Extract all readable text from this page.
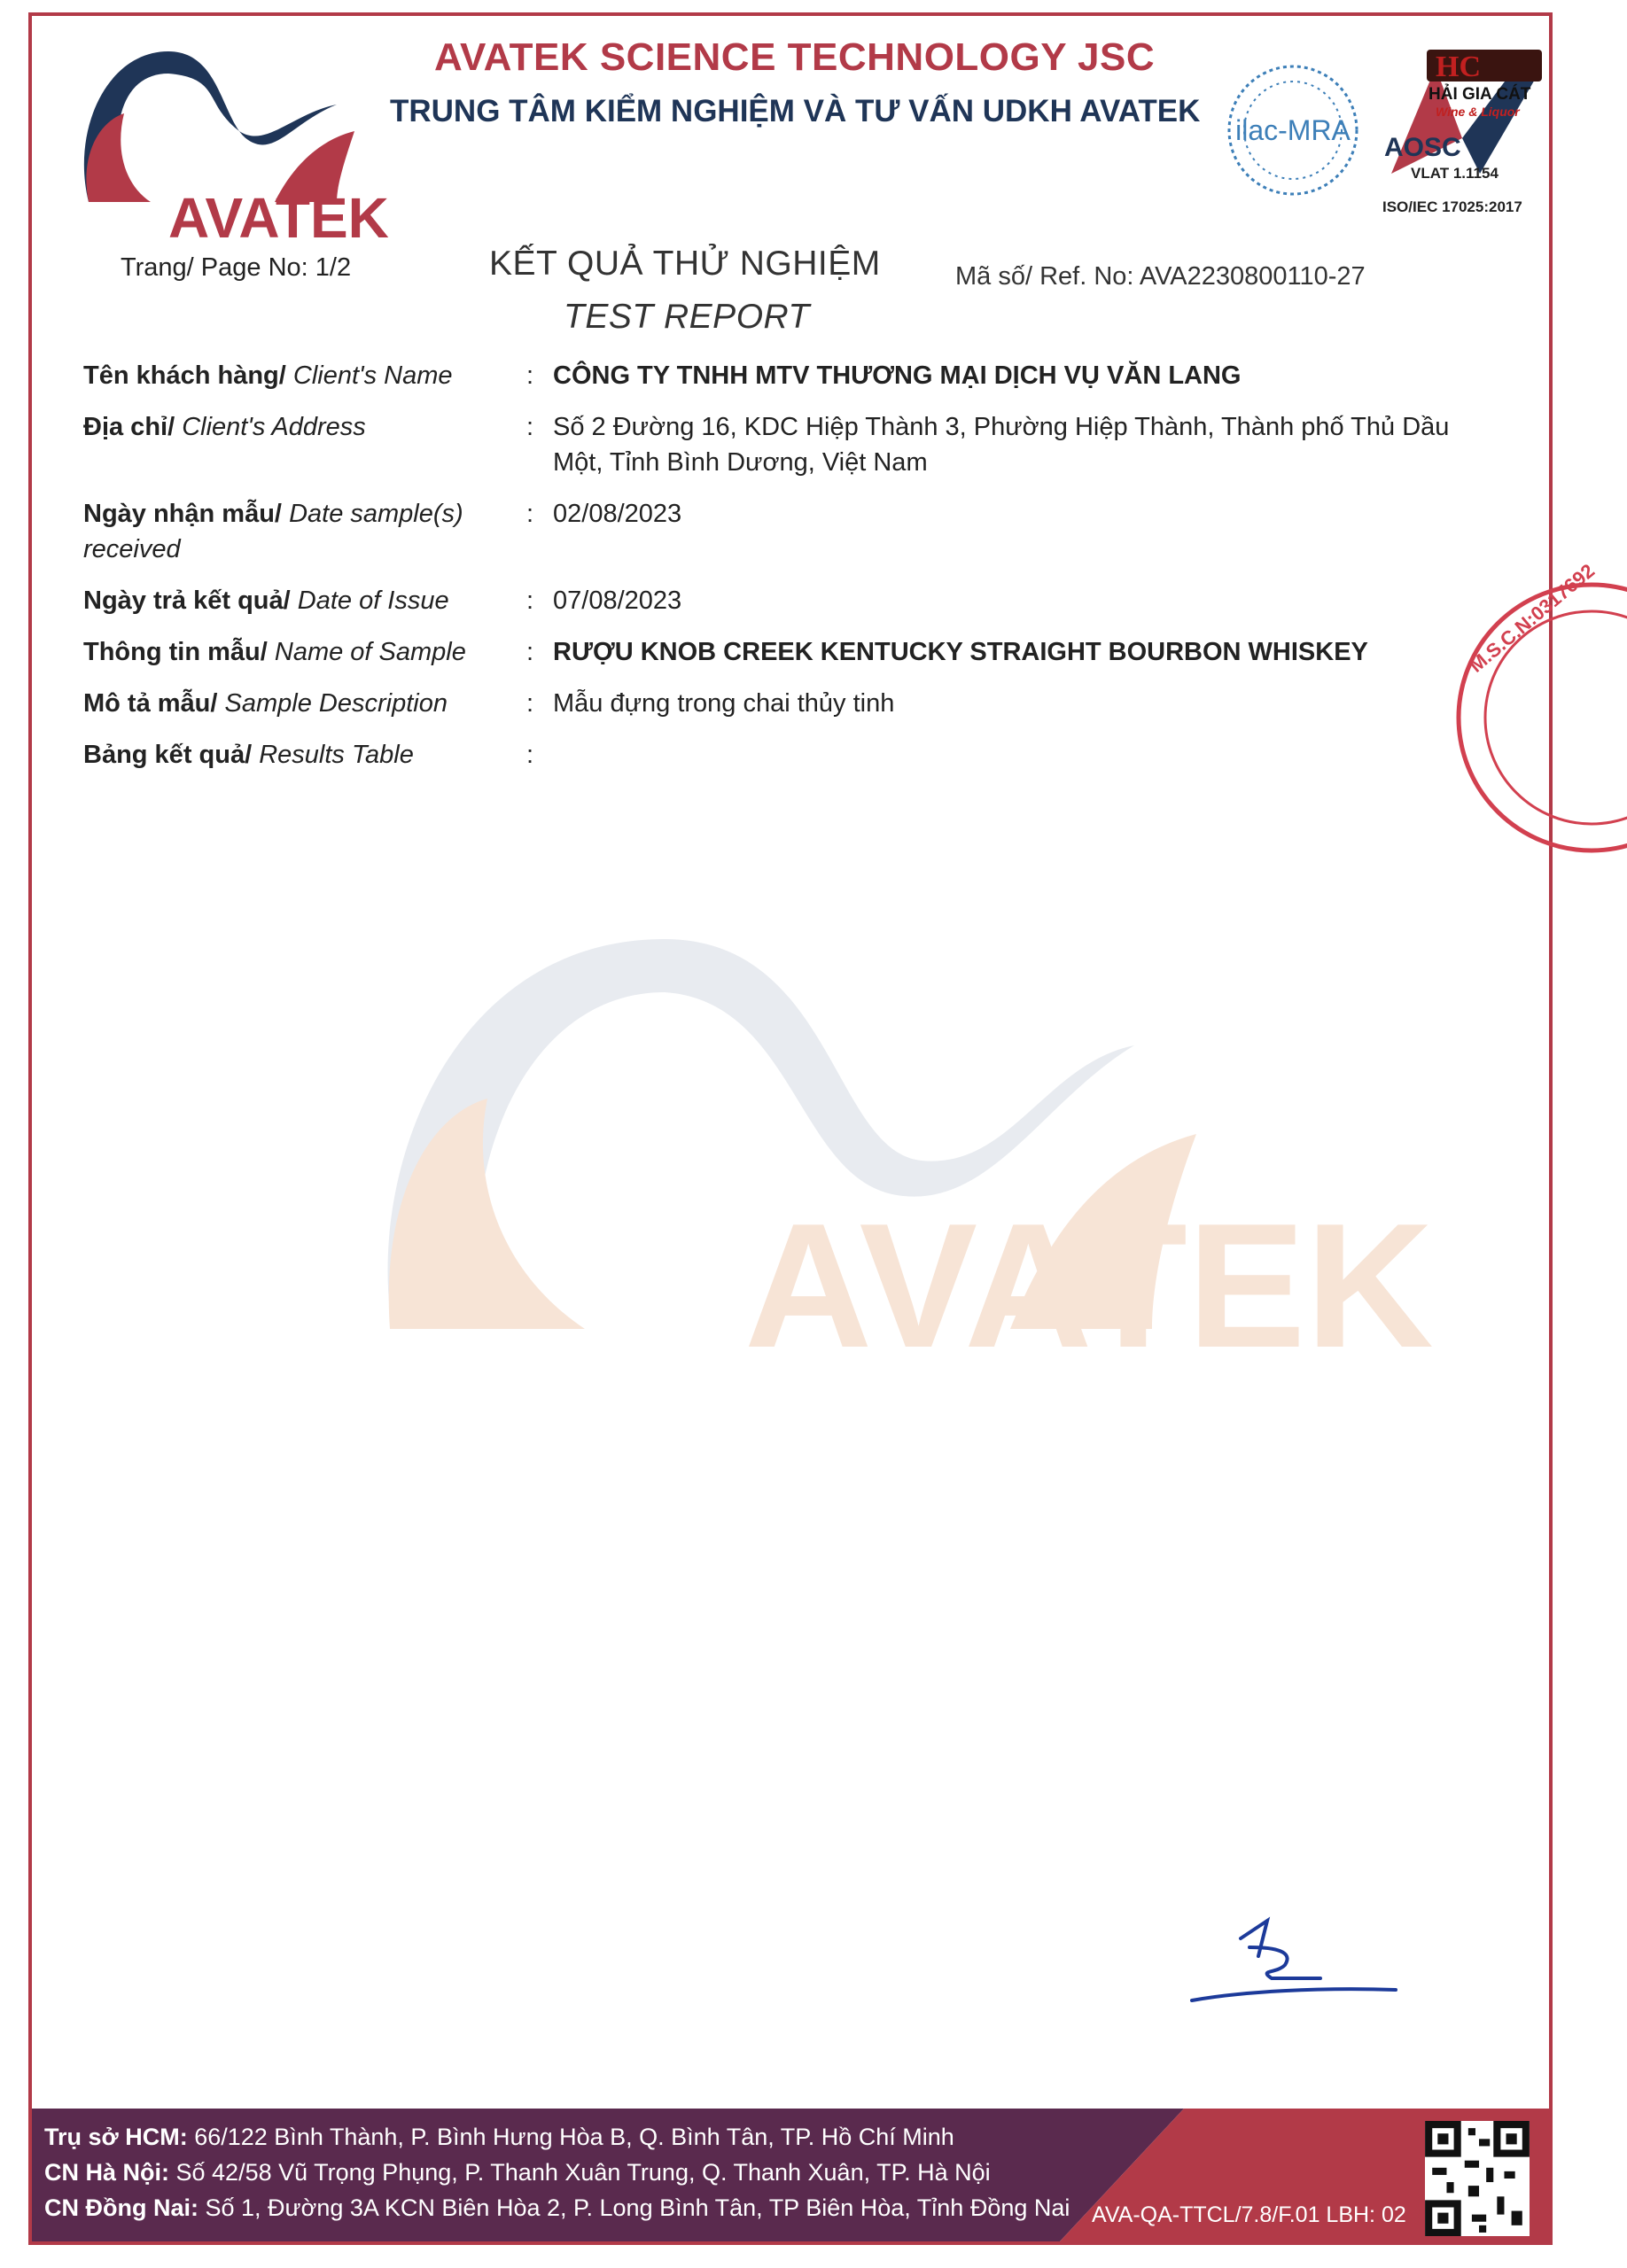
AVATEK
AVATEK SCIENCE TECHNOLOGY JSC
TRUNG TÂM KIỂM NGHIỆM VÀ TƯ VẤN UDKH AVATEK
ilac-MRA
HC
HẢI GIA CÁT
Wine & Liquor
AOSC
VLAT 1.1154
ISO/IEC 17025:2017
Trang/ Page No: 1/2	KẾT QUẢ THỬ NGHIỆM
TEST REPORT
Mã số/ Ref. No: AVA2230800110-27
AVATEK
Tên khách hàng/ Client's Name	: CÔNG TY TNHH MTV THƯƠNG MẠI DỊCH VỤ VĂN LANG
Địa chỉ/ Client's Address	: Số 2 Đường 16, KDC Hiệp Thành 3, Phường Hiệp Thành, Thành phố Thủ Dầu Một, Tỉnh Bình Dương, Việt Nam
Ngày nhận mẫu/ Date sample(s) received
: 02/08/2023
Ngày trả kết quả/ Date of Issue	: 07/08/2023
Thông tin mẫu/ Name of Sample	: RƯỢU KNOB CREEK KENTUCKY STRAIGHT BOURBON WHISKEY
Mô tả mẫu/ Sample Description	: Mẫu đựng trong chai thủy tinh
Bảng kết quả/ Results Table	:
M.S.C.N:0317692
Trụ sở HCM: 66/122 Bình Thành, P. Bình Hưng Hòa B, Q. Bình Tân, TP. Hồ Chí Minh
CN Hà Nội: Số 42/58 Vũ Trọng Phụng, P. Thanh Xuân Trung, Q. Thanh Xuân, TP. Hà Nội
CN Đồng Nai: Số 1, Đường 3A KCN Biên Hòa 2, P. Long Bình Tân, TP Biên Hòa, Tỉnh Đồng Nai AVA-QA-TTCL/7.8/F.01 LBH: 02
